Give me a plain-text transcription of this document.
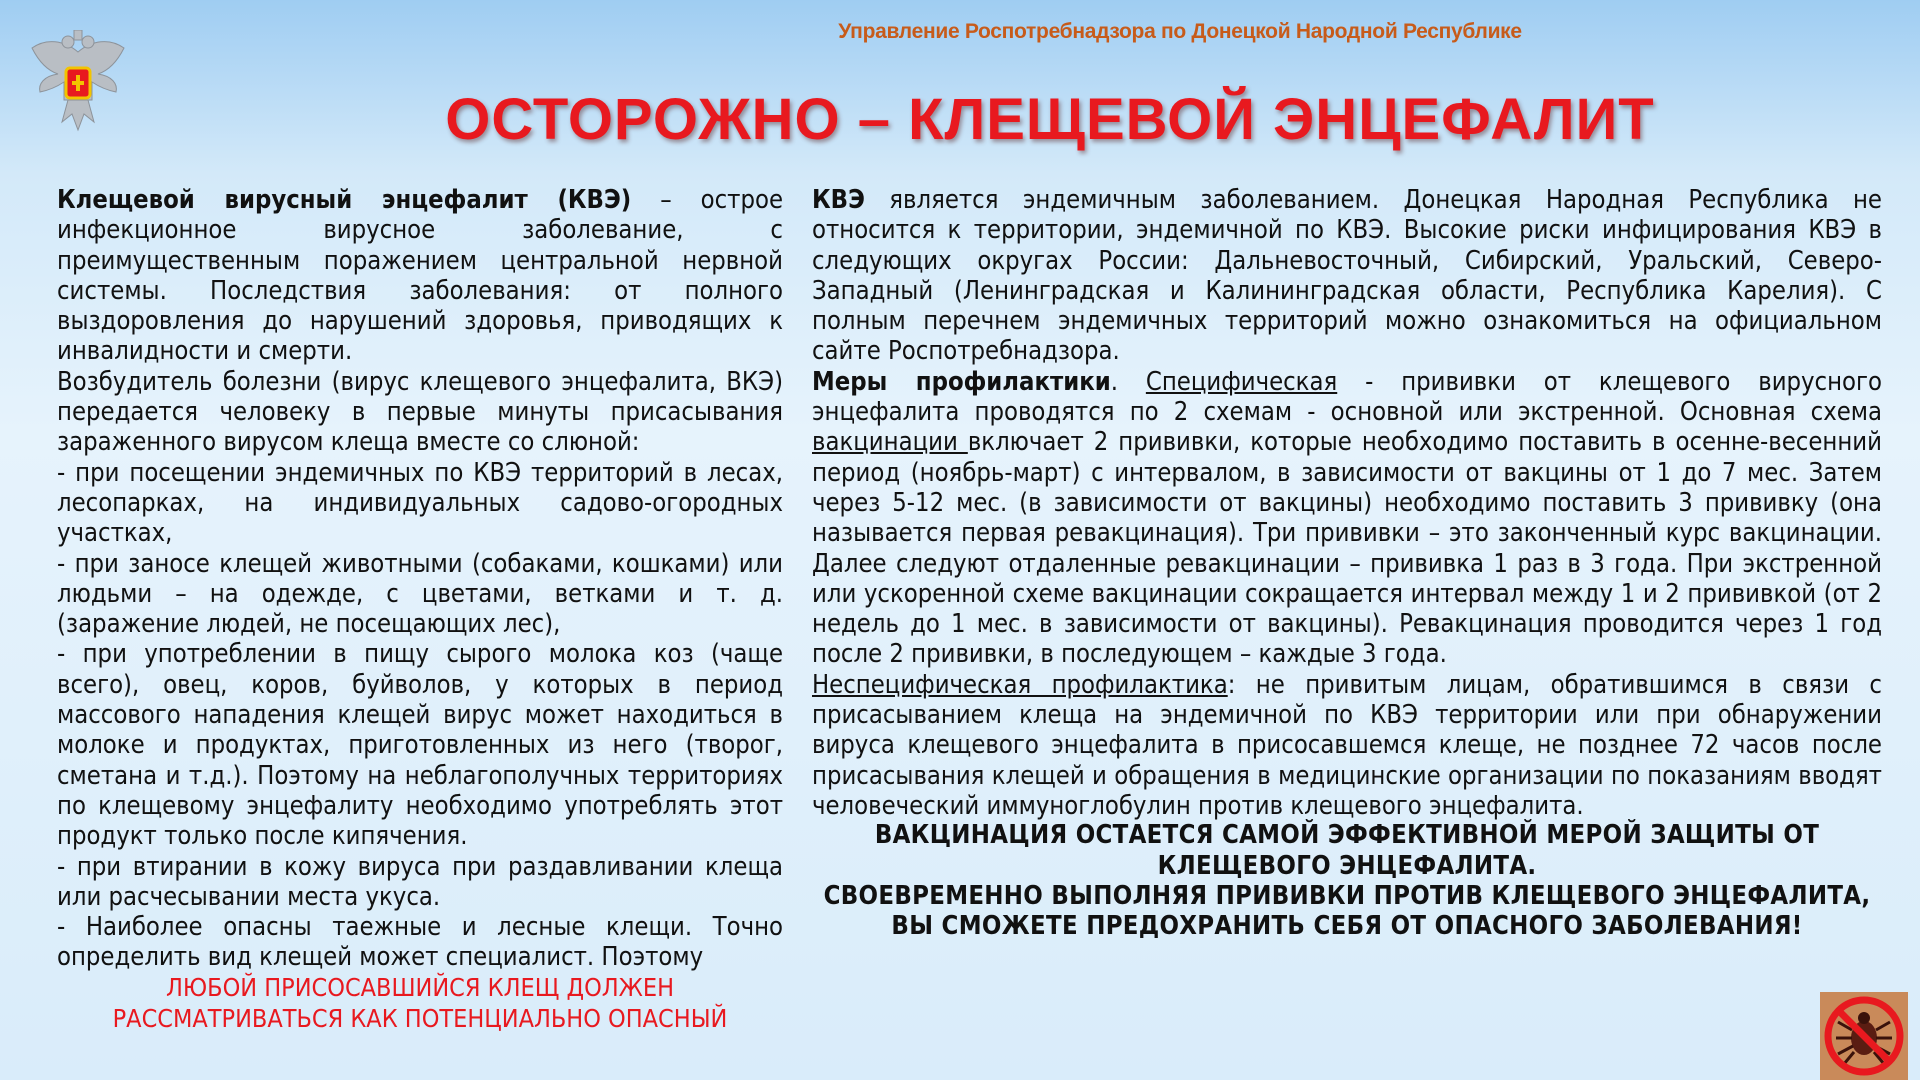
Управление Роспотребнадзора по Донецкой Народной Республике
ОСТОРОЖНО – КЛЕЩЕВОЙ ЭНЦЕФАЛИТ

Клещевой вирусный энцефалит (КВЭ) – острое инфекционное вирусное заболевание, с преимущественным поражением центральной нервной системы. Последствия заболевания: от полного выздоровления до нарушений здоровья, приводящих к инвалидности и смерти.

Возбудитель болезни (вирус клещевого энцефалита, ВКЭ) передается человеку в первые минуты присасывания зараженного вирусом клеща вместе со слюной:

- при посещении эндемичных по КВЭ территорий в лесах, лесопарках, на индивидуальных садово-огородных участках,

- при заносе клещей животными (собаками, кошками) или людьми – на одежде, с цветами, ветками и т. д. (заражение людей, не посещающих лес),

- при употреблении в пищу сырого молока коз (чаще всего), овец, коров, буйволов, у которых в период массового нападения клещей вирус может находиться в молоке и продуктах, приготовленных из него (творог, сметана и т.д.). Поэтому на неблагополучных территориях по клещевому энцефалиту необходимо употреблять этот продукт только после кипячения.

- при втирании в кожу вируса при раздавливании клеща или расчесывании места укуса.

- Наиболее опасны таежные и лесные клещи. Точно определить вид клещей может специалист. Поэтому

ЛЮБОЙ ПРИСОСАВШИЙСЯ КЛЕЩ ДОЛЖЕН РАССМАТРИВАТЬСЯ КАК ПОТЕНЦИАЛЬНО ОПАСНЫЙ

КВЭ является эндемичным заболеванием. Донецкая Народная Республика не относится к территории, эндемичной по КВЭ. Высокие риски инфицирования КВЭ в следующих округах России: Дальневосточный, Сибирский, Уральский, Северо-Западный (Ленинградская и Калининградская области, Республика Карелия). С полным перечнем эндемичных территорий можно ознакомиться на официальном сайте Роспотребнадзора.

Меры профилактики. Специфическая - прививки от клещевого вирусного энцефалита проводятся по 2 схемам - основной или экстренной. Основная схема вакцинации включает 2 прививки, которые необходимо поставить в осенне-весенний период (ноябрь-март) с интервалом, в зависимости от вакцины от 1 до 7 мес. Затем через 5-12 мес. (в зависимости от вакцины) необходимо поставить 3 прививку (она называется первая ревакцинация). Три прививки – это законченный курс вакцинации. Далее следуют отдаленные ревакцинации – прививка 1 раз в 3 года. При экстренной или ускоренной схеме вакцинации сокращается интервал между 1 и 2 прививкой (от 2 недель до 1 мес. в зависимости от вакцины). Ревакцинация проводится через 1 год после 2 прививки, в последующем – каждые 3 года.

Неспецифическая профилактика: не привитым лицам, обратившимся в связи с присасыванием клеща на эндемичной по КВЭ территории или при обнаружении вируса клещевого энцефалита в присосавшемся клеще, не позднее 72 часов после присасывания клещей и обращения в медицинские организации по показаниям вводят человеческий иммуноглобулин против клещевого энцефалита.

ВАКЦИНАЦИЯ ОСТАЕТСЯ САМОЙ ЭФФЕКТИВНОЙ МЕРОЙ ЗАЩИТЫ ОТ КЛЕЩЕВОГО ЭНЦЕФАЛИТА.

СВОЕВРЕМЕННО ВЫПОЛНЯЯ ПРИВИВКИ ПРОТИВ КЛЕЩЕВОГО ЭНЦЕФАЛИТА, ВЫ СМОЖЕТЕ ПРЕДОХРАНИТЬ СЕБЯ ОТ ОПАСНОГО ЗАБОЛЕВАНИЯ!
